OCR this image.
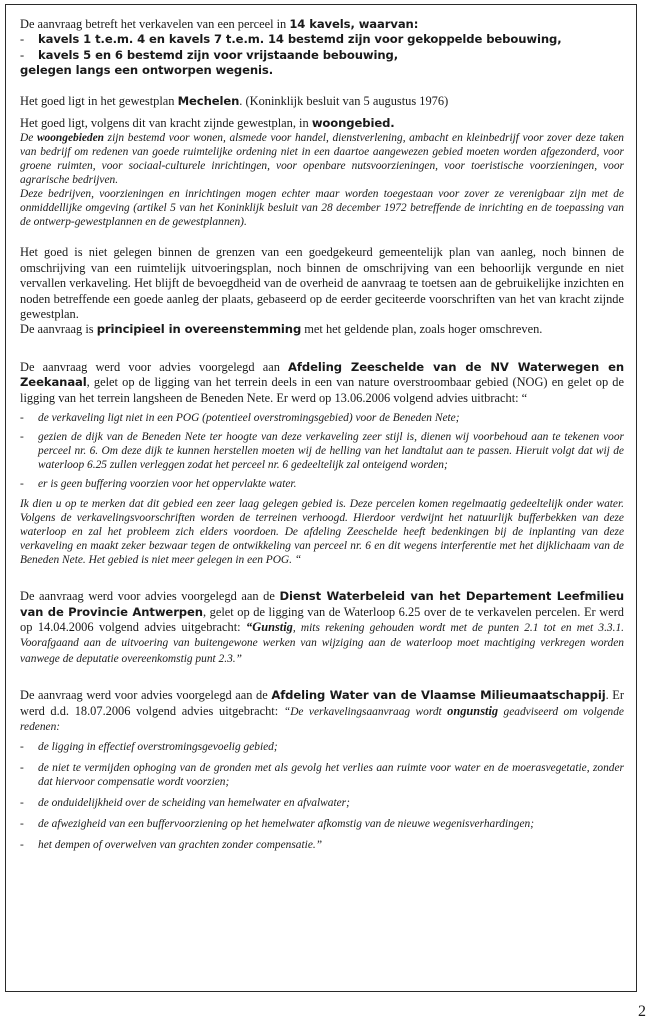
De aanvraag betreft het verkavelen van een perceel in 14 kavels, waarvan:

-	kavels 1 t.e.m. 4 en kavels 7 t.e.m. 14 bestemd zijn voor gekoppelde bebouwing,

-	kavels 5 en 6 bestemd zijn voor vrijstaande bebouwing,

gelegen langs een ontworpen wegenis.

Het goed ligt in het gewestplan Mechelen. (Koninklijk besluit van 5 augustus 1976)

Het goed ligt, volgens dit van kracht zijnde gewestplan, in woongebied.

De woongebieden zijn bestemd voor wonen, alsmede voor handel, dienstverlening, ambacht en kleinbedrijf voor zover deze taken van bedrijf om redenen van goede ruimtelijke ordening niet in een daartoe aangewezen gebied moeten worden afgezonderd, voor groene ruimten, voor sociaal-culturele inrichtingen, voor openbare nutsvoorzieningen, voor toeristische voorzieningen, voor agrarische bedrijven.

Deze bedrijven, voorzieningen en inrichtingen mogen echter maar worden toegestaan voor zover ze verenigbaar zijn met de onmiddellijke omgeving (artikel 5 van het Koninklijk besluit van 28 december 1972 betreffende de inrichting en de toepassing van de ontwerp-gewestplannen en de gewestplannen).

Het goed is niet gelegen binnen de grenzen van een goedgekeurd gemeentelijk plan van aanleg, noch binnen de omschrijving van een ruimtelijk uitvoeringsplan, noch binnen de omschrijving van een behoorlijk vergunde en niet vervallen verkaveling. Het blijft de bevoegdheid van de overheid de aanvraag te toetsen aan de gebruikelijke inzichten en noden betreffende een goede aanleg der plaats, gebaseerd op de eerder geciteerde voorschriften van het van kracht zijnde gewestplan.

De aanvraag is principieel in overeenstemming met het geldende plan, zoals hoger omschreven.

De aanvraag werd voor advies voorgelegd aan Afdeling Zeeschelde van de NV Waterwegen en Zeekanaal, gelet op de ligging van het terrein deels in een van nature overstroombaar gebied (NOG) en gelet op de ligging van het terrein langsheen de Beneden Nete. Er werd op 13.06.2006 volgend advies uitbracht: “

-	de verkaveling ligt niet in een POG (potentieel overstromingsgebied) voor de Beneden Nete;

-	gezien de dijk van de Beneden Nete ter hoogte van deze verkaveling zeer stijl is, dienen wij voorbehoud aan te tekenen voor perceel nr. 6. Om deze dijk te kunnen herstellen moeten wij de helling van het landtalut aan te passen. Hieruit volgt dat wij de waterloop 6.25 zullen verleggen zodat het perceel nr. 6 gedeeltelijk zal onteigend worden;

-	er is geen buffering voorzien voor het oppervlakte water.

Ik dien u op te merken dat dit gebied een zeer laag gelegen gebied is. Deze percelen komen regelmaatig gedeeltelijk onder water. Volgens de verkavelingsvoorschriften worden de terreinen verhoogd. Hierdoor verdwijnt het natuurlijk bufferbekken van deze waterloop en zal het probleem zich elders voordoen. De afdeling Zeeschelde heeft bedenkingen bij de inplanting van deze verkaveling en maakt zeker bezwaar tegen de ontwikkeling van perceel nr. 6 en dit wegens interferentie met het dijklichaam van de Beneden Nete. Het gebied is niet meer gelegen in een POG. “

De aanvraag werd voor advies voorgelegd aan de Dienst Waterbeleid van het Departement Leefmilieu van de Provincie Antwerpen, gelet op de ligging van de Waterloop 6.25 over de te verkavelen percelen. Er werd op 14.04.2006 volgend advies uitgebracht: “Gunstig, mits rekening gehouden wordt met de punten 2.1 tot en met 3.3.1. Voorafgaand aan de uitvoering van buitengewone werken van wijziging aan de waterloop moet machtiging verkregen worden vanwege de deputatie overeenkomstig punt 2.3.”

De aanvraag werd voor advies voorgelegd aan de Afdeling Water van de Vlaamse Milieumaatschappij. Er werd d.d. 18.07.2006 volgend advies uitgebracht: “De verkavelingsaanvraag wordt ongunstig geadviseerd om volgende redenen:

-	de ligging in effectief overstromingsgevoelig gebied;

-	de niet te vermijden ophoging van de gronden met als gevolg het verlies aan ruimte voor water en de moerasvegetatie, zonder dat hiervoor compensatie wordt voorzien;

-	de onduidelijkheid over de scheiding van hemelwater en afvalwater;

-	de afwezigheid van een buffervoorziening op het hemelwater afkomstig van de nieuwe wegenisverhardingen;

-	het dempen of overwelven van grachten zonder compensatie.”

2
